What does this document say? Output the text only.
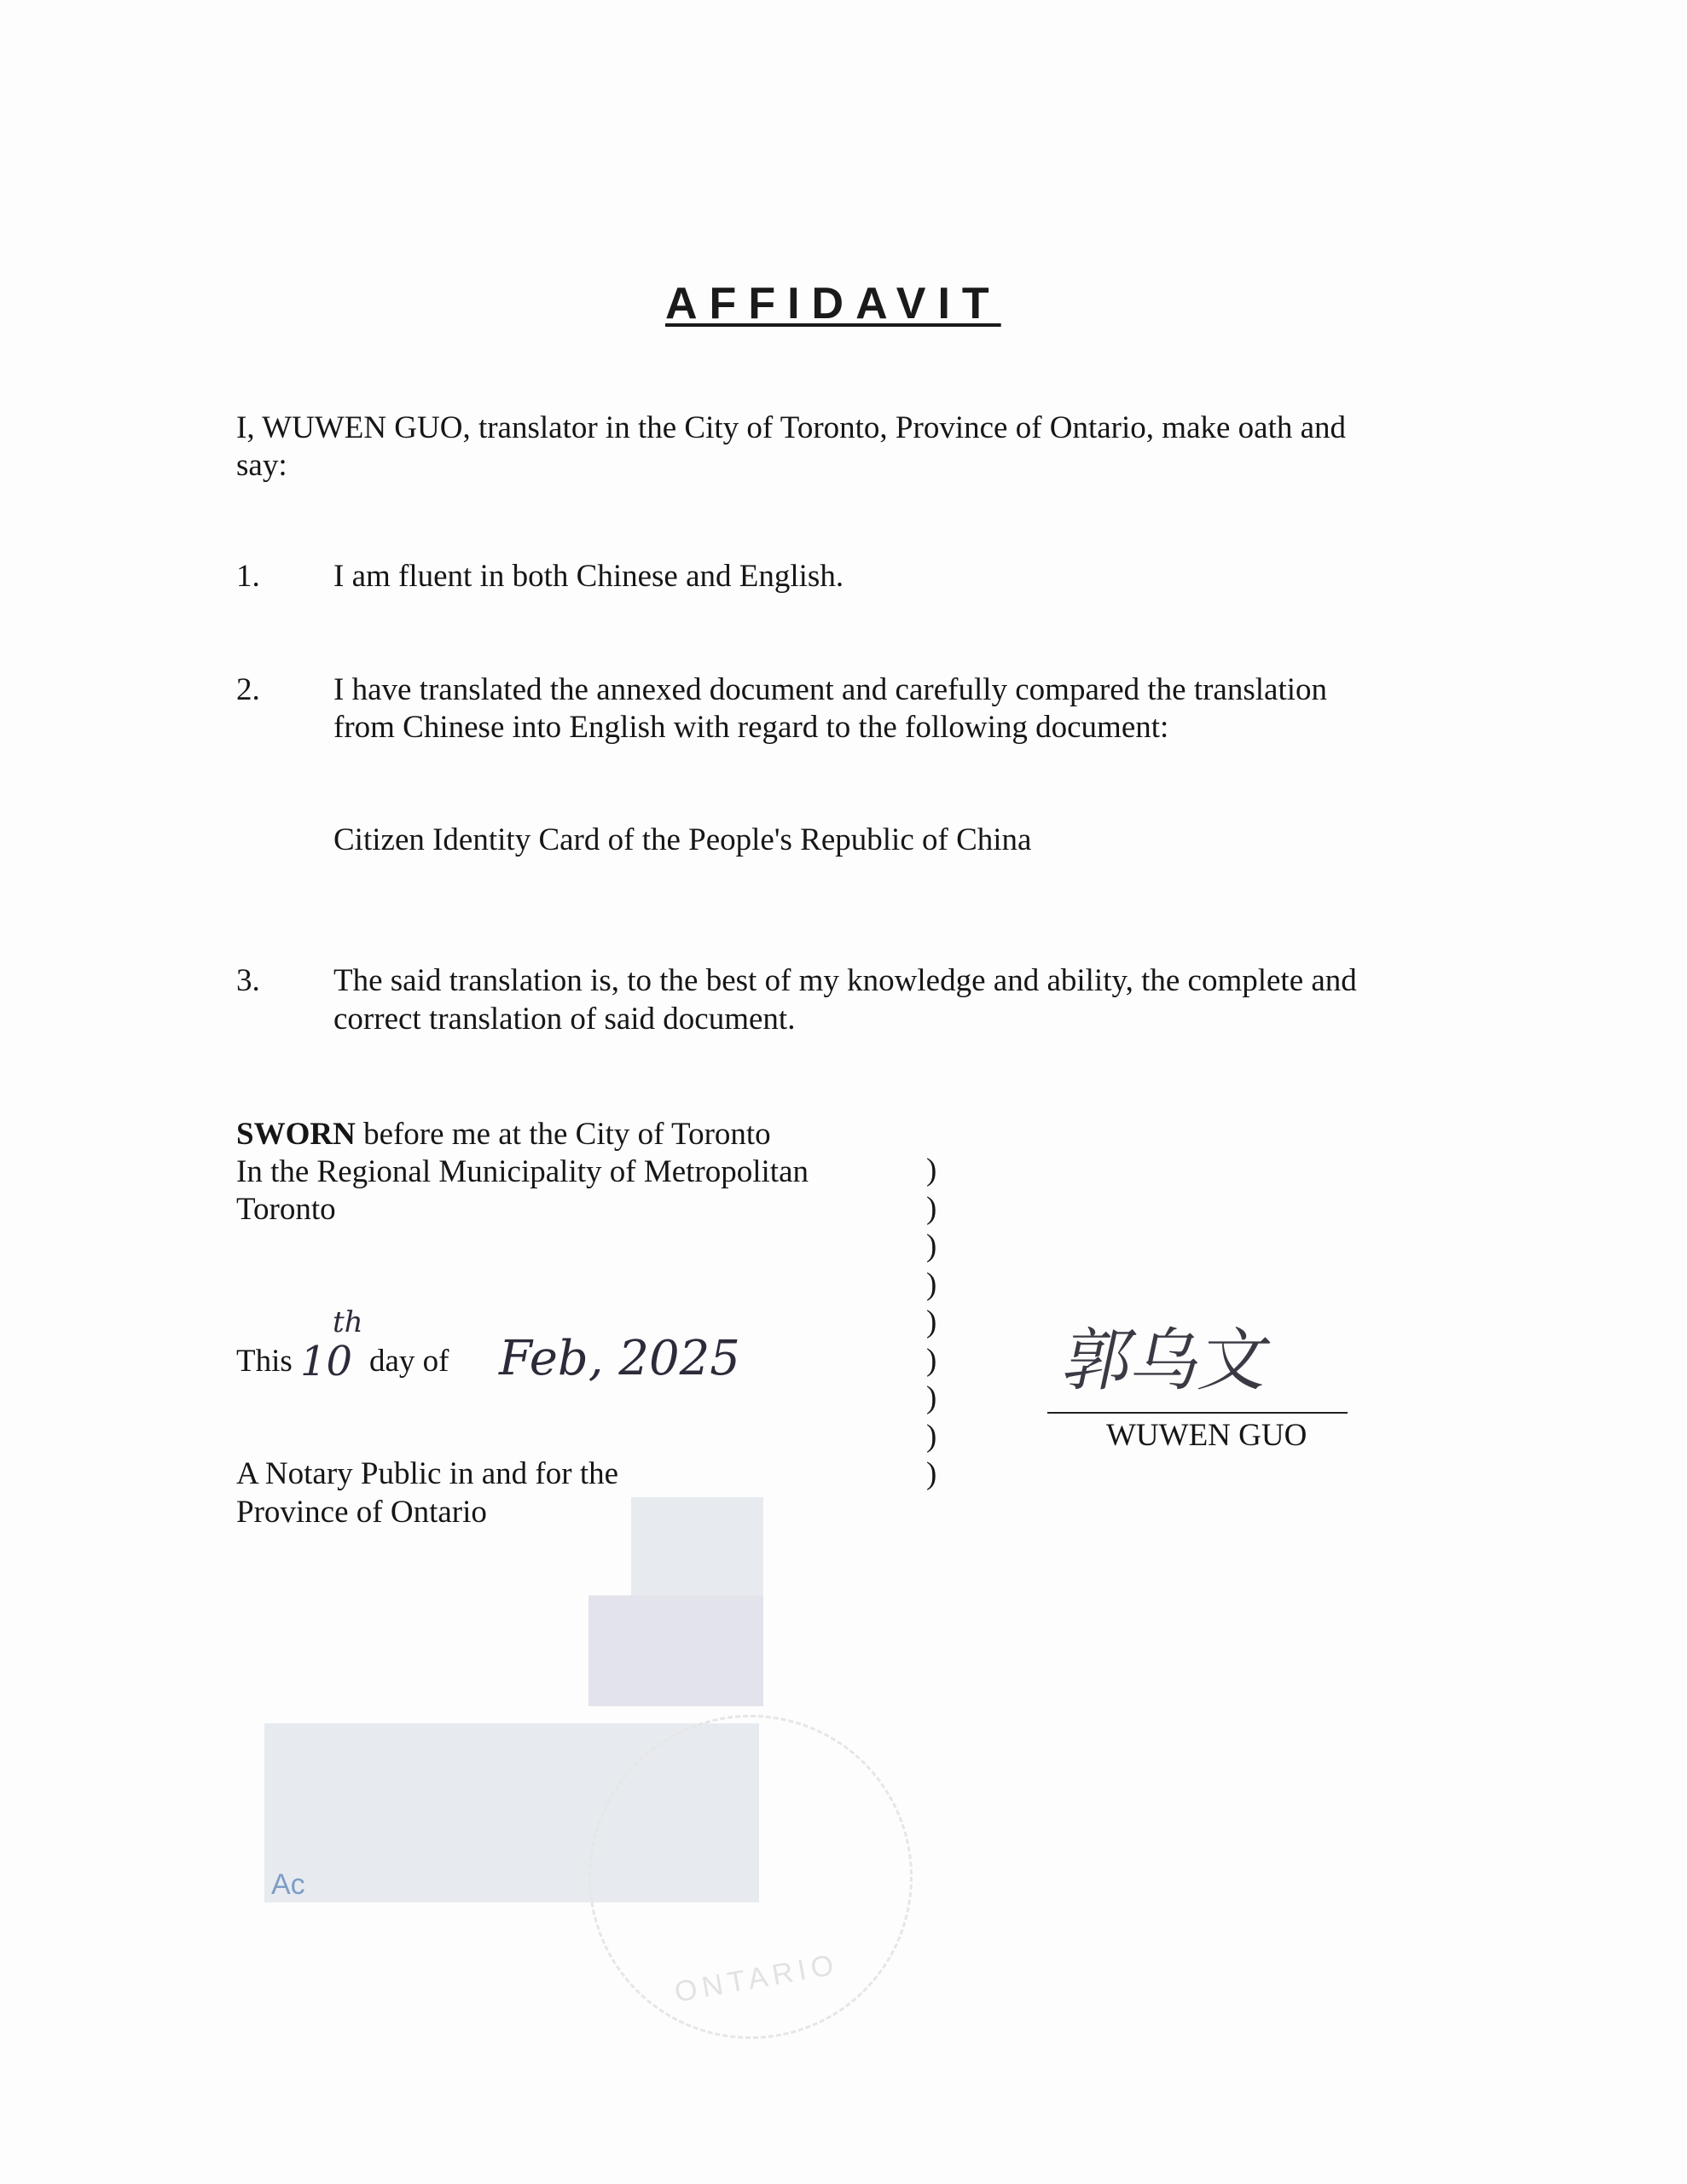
AFFIDAVIT
I, WUWEN GUO, translator in the City of Toronto, Province of Ontario, make oath and
say:
1. I am fluent in both Chinese and English.
2. I have translated the annexed document and carefully compared the translation
from Chinese into English with regard to the following document:
Citizen Identity Card of the People's Republic of China
3. The said translation is, to the best of my knowledge and ability, the complete and
correct translation of said document.
SWORN before me at the City of Toronto
In the Regional Municipality of Metropolitan
Toronto
This 10
th
day of Feb, 2025
A Notary Public in and for the
Province of Ontario
)
)
)
)
)
)
)
)
)
郭乌文
WUWEN GUO
Ac
ONTARIO
